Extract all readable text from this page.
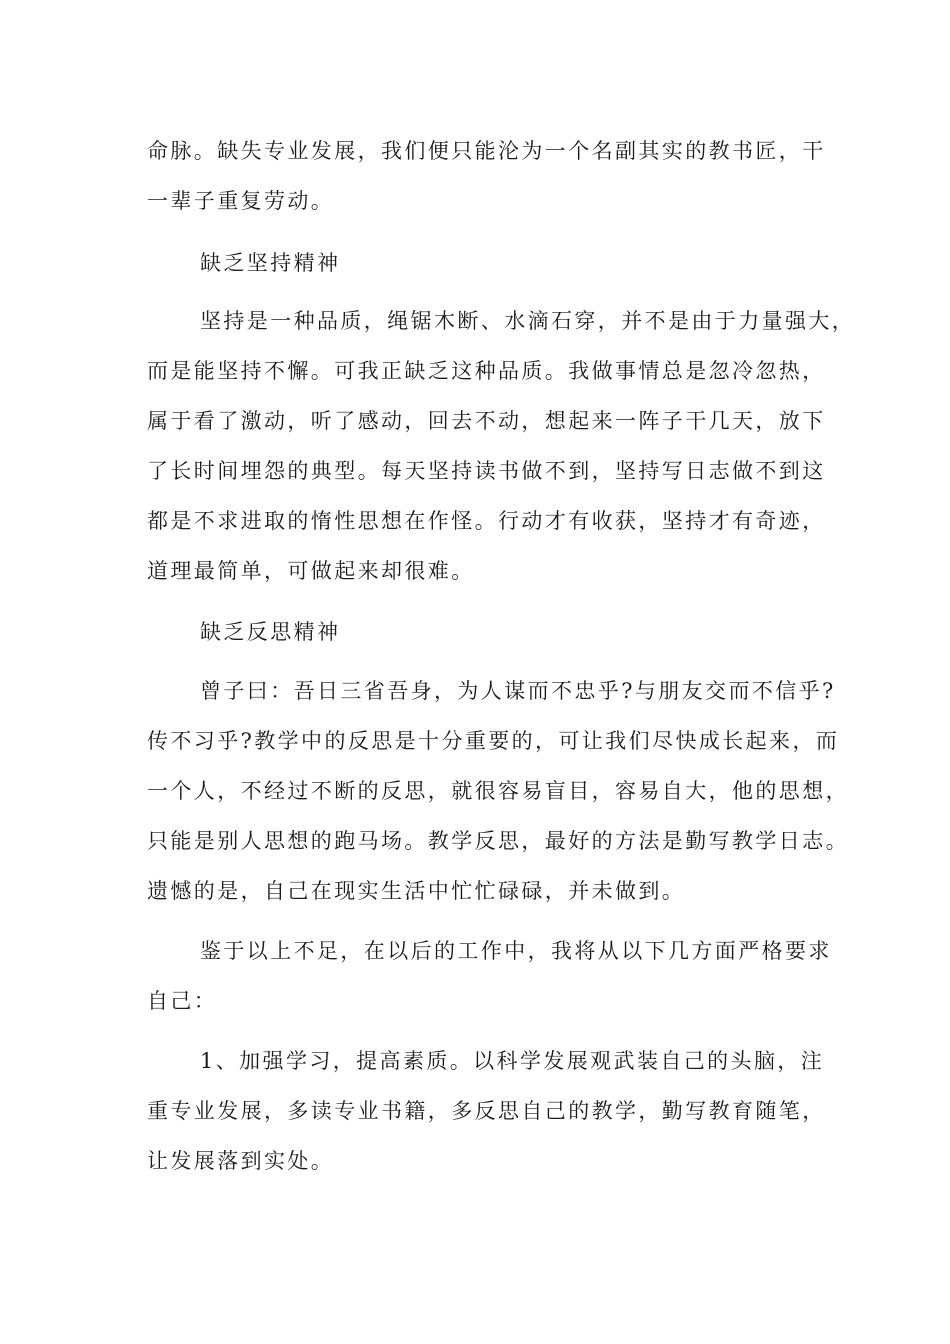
命脉。缺失专业发展，我们便只能沦为一个名副其实的教书匠，干
一辈子重复劳动。
缺乏坚持精神
坚持是一种品质，绳锯木断、水滴石穿，并不是由于力量强大，
而是能坚持不懈。可我正缺乏这种品质。我做事情总是忽冷忽热，
属于看了激动，听了感动，回去不动，想起来一阵子干几天，放下
了长时间埋怨的典型。每天坚持读书做不到，坚持写日志做不到这
都是不求进取的惰性思想在作怪。行动才有收获，坚持才有奇迹，
道理最简单，可做起来却很难。
缺乏反思精神
曾子曰：吾日三省吾身，为人谋而不忠乎?与朋友交而不信乎?
传不习乎?教学中的反思是十分重要的，可让我们尽快成长起来，而
一个人，不经过不断的反思，就很容易盲目，容易自大，他的思想，
只能是别人思想的跑马场。教学反思，最好的方法是勤写教学日志。
遗憾的是，自己在现实生活中忙忙碌碌，并未做到。
鉴于以上不足，在以后的工作中，我将从以下几方面严格要求
自己：
1、加强学习，提高素质。以科学发展观武装自己的头脑，注
重专业发展，多读专业书籍，多反思自己的教学，勤写教育随笔，
让发展落到实处。
